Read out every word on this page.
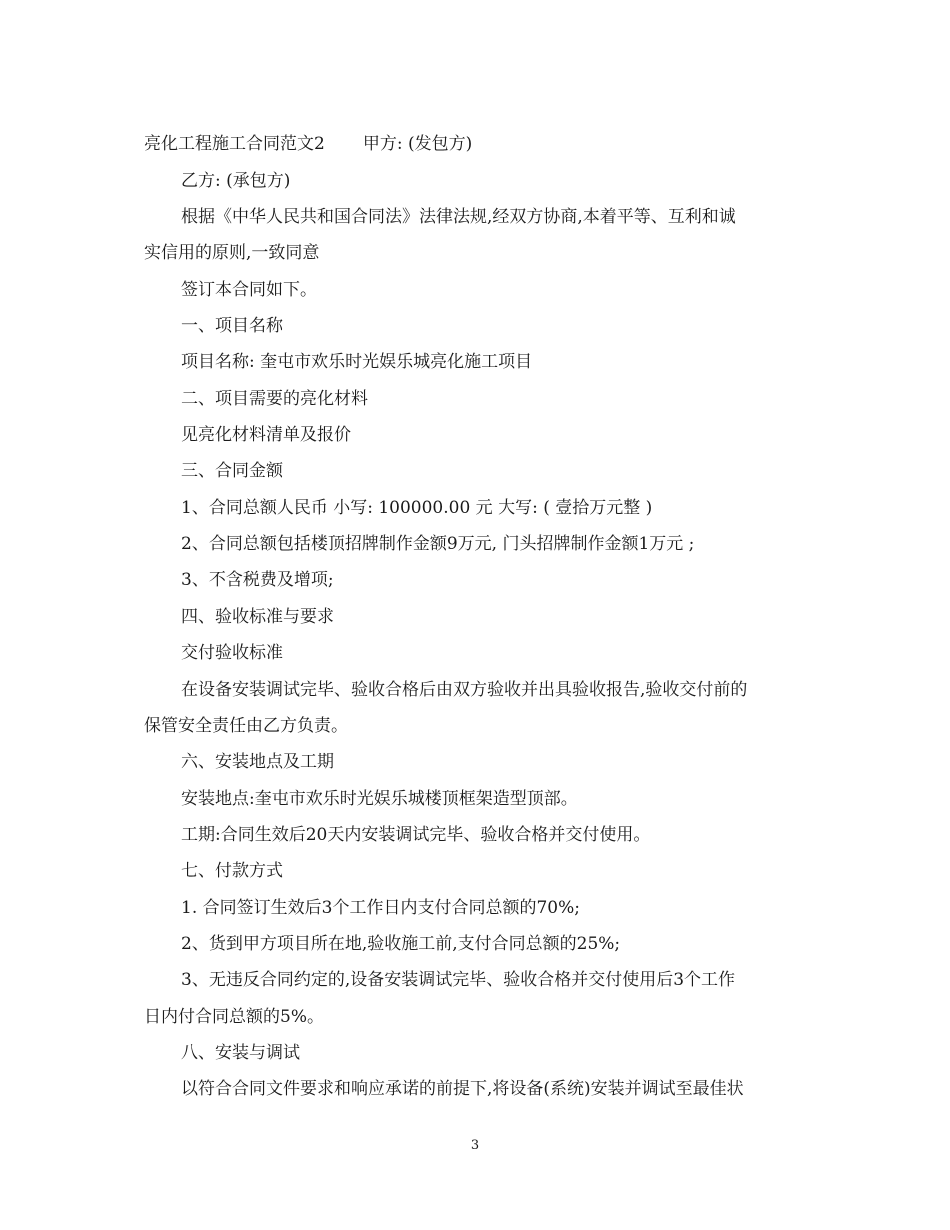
亮化工程施工合同范文2 甲方: (发包方)
乙方: (承包方)
根据《中华人民共和国合同法》法律法规,经双方协商,本着平等、互利和诚
实信用的原则,一致同意
签订本合同如下。
一、项目名称
项目名称: 奎屯市欢乐时光娱乐城亮化施工项目
二、项目需要的亮化材料
见亮化材料清单及报价
三、合同金额
1、合同总额人民币 小写: 100000.00 元 大写: ( 壹拾万元整 )
2、合同总额包括楼顶招牌制作金额9万元, 门头招牌制作金额1万元 ;
3、不含税费及增项;
四、验收标准与要求
交付验收标准
在设备安装调试完毕、验收合格后由双方验收并出具验收报告,验收交付前的
保管安全责任由乙方负责。
六、安装地点及工期
安装地点:奎屯市欢乐时光娱乐城楼顶框架造型顶部。
工期:合同生效后20天内安装调试完毕、验收合格并交付使用。
七、付款方式
1. 合同签订生效后3个工作日内支付合同总额的70%;
2、货到甲方项目所在地,验收施工前,支付合同总额的25%;
3、无违反合同约定的,设备安装调试完毕、验收合格并交付使用后3个工作
日内付合同总额的5%。
八、安装与调试
以符合合同文件要求和响应承诺的前提下,将设备(系统)安装并调试至最佳状
3
